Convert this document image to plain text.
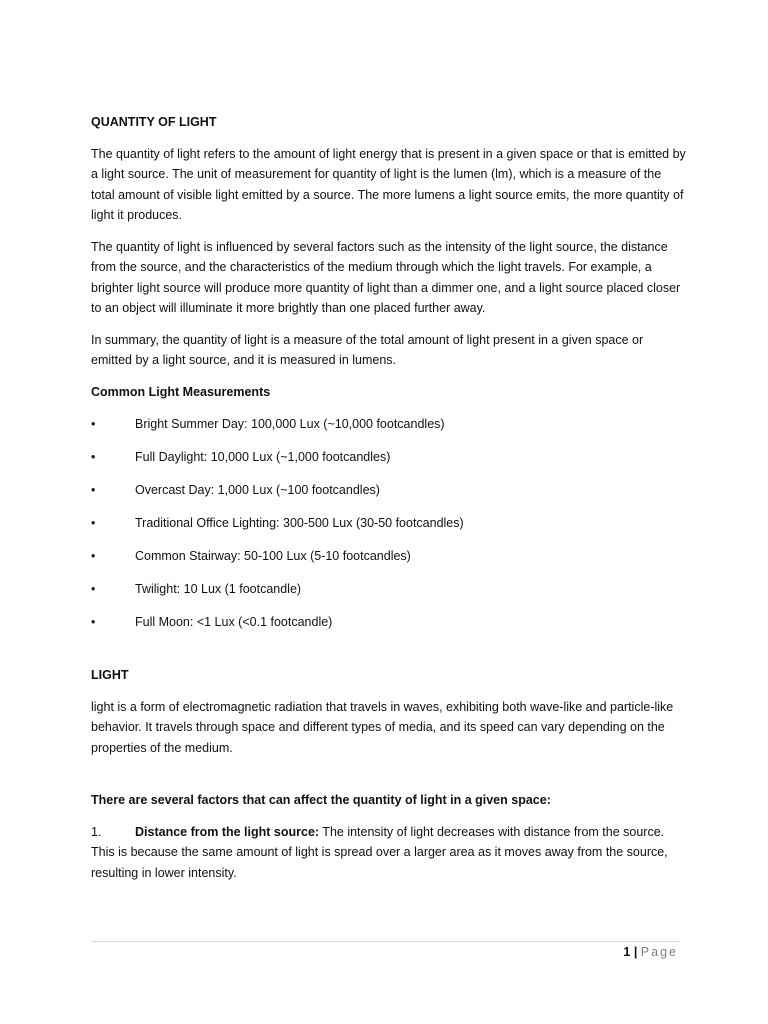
QUANTITY OF LIGHT

The quantity of light refers to the amount of light energy that is present in a given space or that is emitted by a light source. The unit of measurement for quantity of light is the lumen (lm), which is a measure of the total amount of visible light emitted by a source. The more lumens a light source emits, the more quantity of light it produces.

The quantity of light is influenced by several factors such as the intensity of the light source, the distance from the source, and the characteristics of the medium through which the light travels. For example, a brighter light source will produce more quantity of light than a dimmer one, and a light source placed closer to an object will illuminate it more brightly than one placed further away.

In summary, the quantity of light is a measure of the total amount of light present in a given space or emitted by a light source, and it is measured in lumens.

Common Light Measurements
•	Bright Summer Day: 100,000 Lux (~10,000 footcandles)
•	Full Daylight: 10,000 Lux (~1,000 footcandles)
•	Overcast Day: 1,000 Lux (~100 footcandles)
•	Traditional Office Lighting: 300-500 Lux (30-50 footcandles)
•	Common Stairway: 50-100 Lux (5-10 footcandles)
•	Twilight: 10 Lux (1 footcandle)
•	Full Moon: <1 Lux (<0.1 footcandle)
LIGHT

light is a form of electromagnetic radiation that travels in waves, exhibiting both wave-like and particle-like behavior. It travels through space and different types of media, and its speed can vary depending on the properties of the medium.

There are several factors that can affect the quantity of light in a given space:

1.	Distance from the light source: The intensity of light decreases with distance from the source. This is because the same amount of light is spread over a larger area as it moves away from the source, resulting in lower intensity.

1 | Page
